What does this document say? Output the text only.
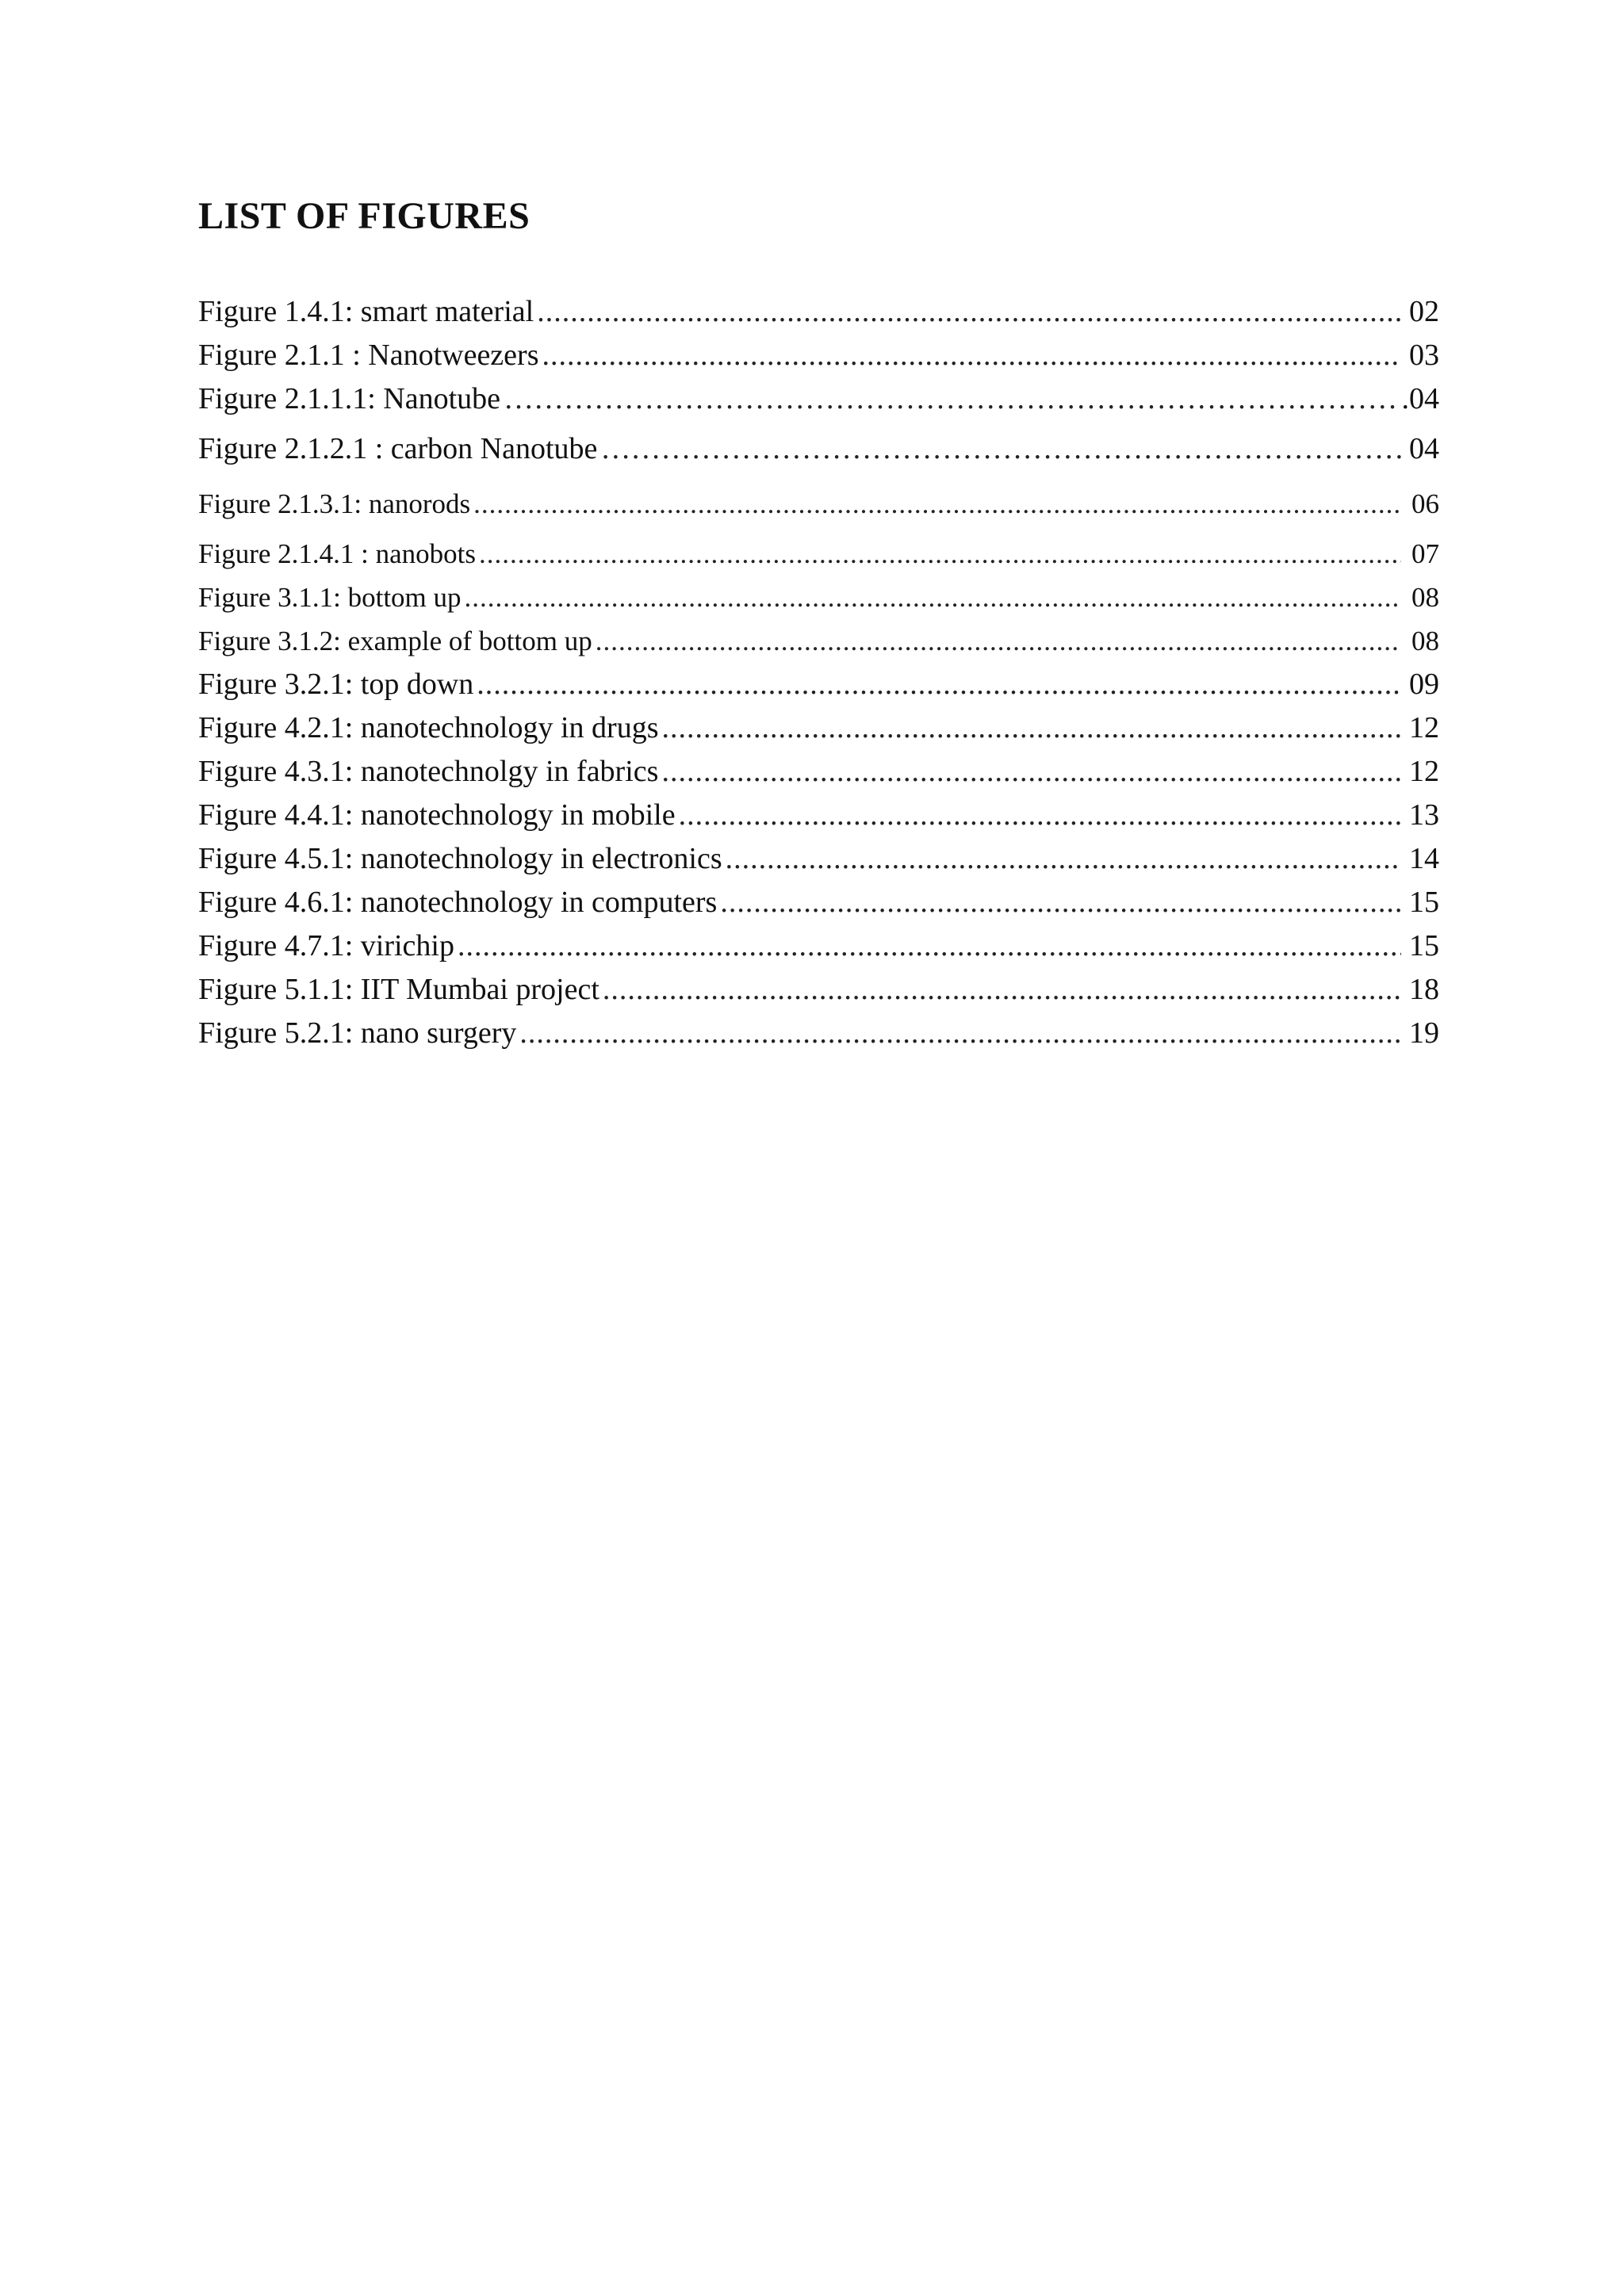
LIST OF FIGURES
Figure 1.4.1: smart material .....	02
Figure 2.1.1 : Nanotweezers .....	03
Figure 2.1.1.1: Nanotube ………………………………………………………………………………………………………………………………………………………………………………………………………………………………	.04
Figure 2.1.2.1 : carbon Nanotube ………………………………………………………………………………………………………………………………………………………………………………………………………………………………	04
Figure 2.1.3.1: nanorods .....	06
Figure 2.1.4.1 : nanobots .....	07
Figure 3.1.1: bottom up .....	08
Figure 3.1.2: example of bottom up .....	08
Figure 3.2.1: top down .....	09
Figure 4.2.1: nanotechnology in drugs .....	12
Figure 4.3.1: nanotechnolgy in fabrics .....	12
Figure 4.4.1: nanotechnology in mobile .....	13
Figure 4.5.1: nanotechnology in electronics .....	14
Figure 4.6.1: nanotechnology in computers .....	15
Figure 4.7.1: virichip .....	15
Figure 5.1.1: IIT Mumbai project .....	18
Figure 5.2.1: nano surgery .....	19
